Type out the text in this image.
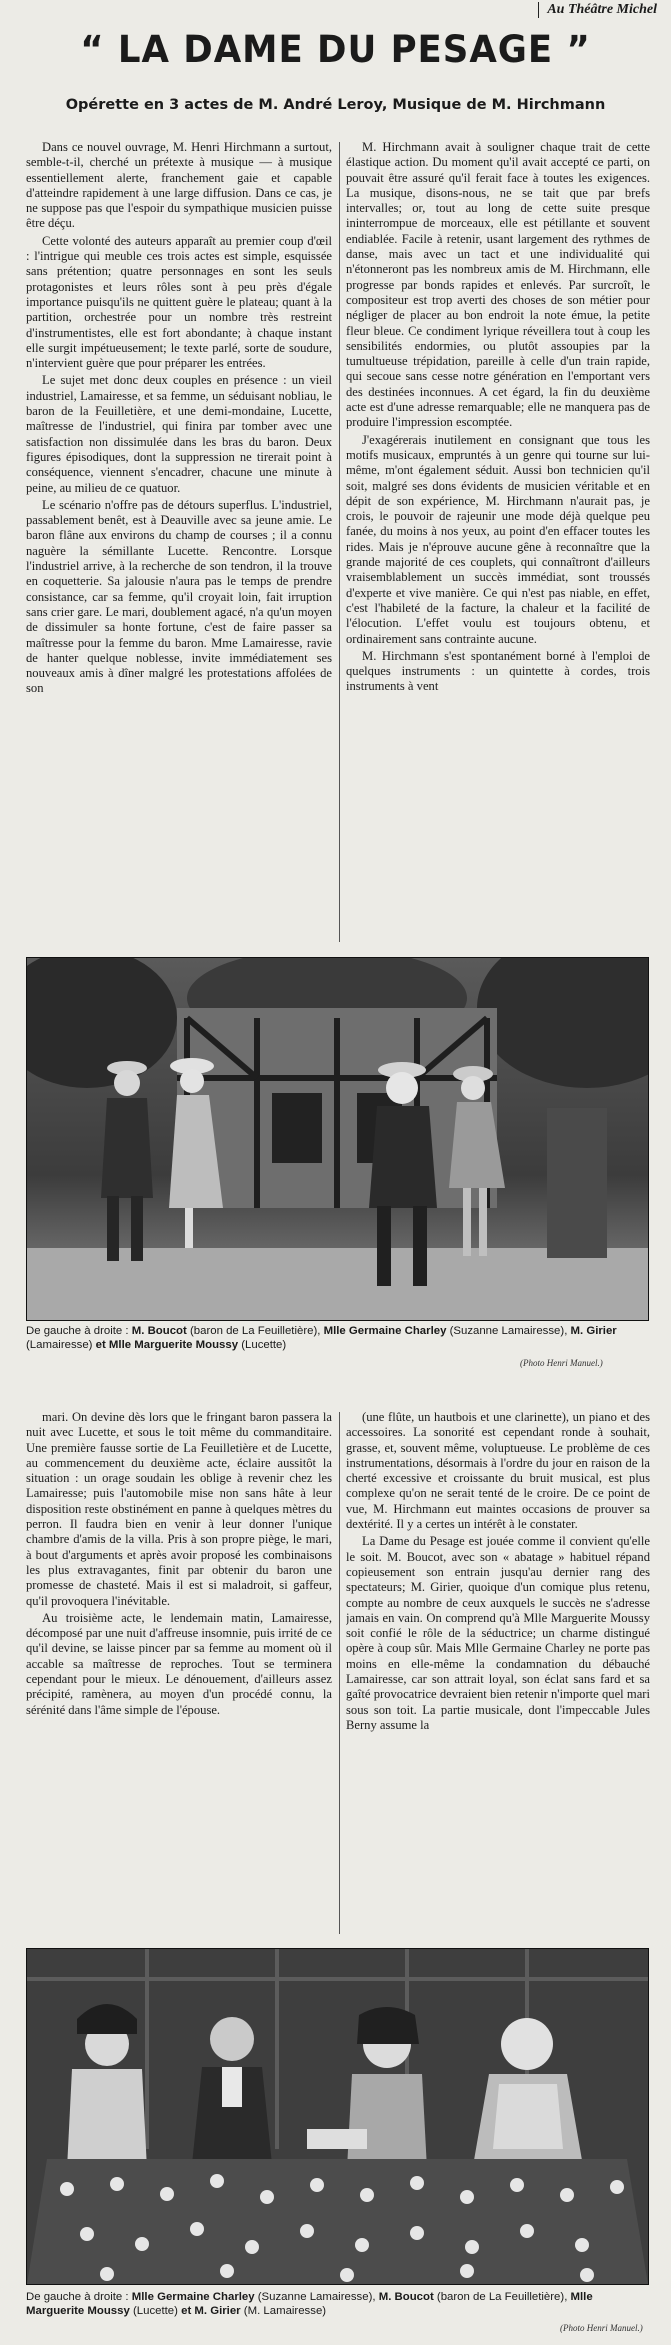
Au Théâtre Michel
“ LA DAME DU PESAGE ”
Opérette en 3 actes de M. André Leroy, Musique de M. Hirchmann

Dans ce nouvel ouvrage, M. Henri Hirchmann a surtout, semble-t-il, cherché un prétexte à musique — à musique essentiellement alerte, franchement gaie et capable d'atteindre rapidement à une large diffusion. Dans ce cas, je ne suppose pas que l'espoir du sympathique musicien puisse être déçu.

Cette volonté des auteurs apparaît au premier coup d'œil : l'intrigue qui meuble ces trois actes est simple, esquissée sans prétention; quatre personnages en sont les seuls protagonistes et leurs rôles sont à peu près d'égale importance puisqu'ils ne quittent guère le plateau; quant à la partition, orchestrée pour un nombre très restreint d'instrumentistes, elle est fort abondante; à chaque instant elle surgit impétueusement; le texte parlé, sorte de soudure, n'intervient guère que pour préparer les entrées.

Le sujet met donc deux couples en présence : un vieil industriel, Lamairesse, et sa femme, un séduisant nobliau, le baron de la Feuilletière, et une demi-mondaine, Lucette, maîtresse de l'industriel, qui finira par tomber avec une satisfaction non dissimulée dans les bras du baron. Deux figures épisodiques, dont la suppression ne tirerait point à conséquence, viennent s'encadrer, chacune une minute à peine, au milieu de ce quatuor.

Le scénario n'offre pas de détours superflus. L'industriel, passablement benêt, est à Deauville avec sa jeune amie. Le baron flâne aux environs du champ de courses ; il a connu naguère la sémillante Lucette. Rencontre. Lorsque l'industriel arrive, à la recherche de son tendron, il la trouve en coquetterie. Sa jalousie n'aura pas le temps de prendre consistance, car sa femme, qu'il croyait loin, fait irruption sans crier gare. Le mari, doublement agacé, n'a qu'un moyen de dissimuler sa honte fortune, c'est de faire passer sa maîtresse pour la femme du baron. Mme Lamairesse, ravie de hanter quelque noblesse, invite immédiatement ses nouveaux amis à dîner malgré les protestations affolées de son

M. Hirchmann avait à souligner chaque trait de cette élastique action. Du moment qu'il avait accepté ce parti, on pouvait être assuré qu'il ferait face à toutes les exigences. La musique, disons-nous, ne se tait que par brefs intervalles; or, tout au long de cette suite presque ininterrompue de morceaux, elle est pétillante et souvent endiablée. Facile à retenir, usant largement des rythmes de danse, mais avec un tact et une individualité qui n'étonneront pas les nombreux amis de M. Hirchmann, elle progresse par bonds rapides et enlevés. Par surcroît, le compositeur est trop averti des choses de son métier pour négliger de placer au bon endroit la note émue, la petite fleur bleue. Ce condiment lyrique réveillera tout à coup les sensibilités endormies, ou plutôt assoupies par la tumultueuse trépidation, pareille à celle d'un train rapide, qui secoue sans cesse notre génération en l'emportant vers des destinées inconnues. A cet égard, la fin du deuxième acte est d'une adresse remarquable; elle ne manquera pas de produire l'impression escomptée.

J'exagérerais inutilement en consignant que tous les motifs musicaux, empruntés à un genre qui tourne sur lui-même, m'ont également séduit. Aussi bon technicien qu'il soit, malgré ses dons évidents de musicien véritable et en dépit de son expérience, M. Hirchmann n'aurait pas, je crois, le pouvoir de rajeunir une mode déjà quelque peu fanée, du moins à nos yeux, au point d'en effacer toutes les rides. Mais je n'éprouve aucune gêne à reconnaître que la grande majorité de ces couplets, qui connaîtront d'ailleurs vraisemblablement un succès immédiat, sont troussés d'experte et vive manière. Ce qui n'est pas niable, en effet, c'est l'habileté de la facture, la chaleur et la facilité de l'élocution. L'effet voulu est toujours obtenu, et ordinairement sans contrainte aucune.

M. Hirchmann s'est spontanément borné à l'emploi de quelques instruments : un quintette à cordes, trois instruments à vent

De gauche à droite : M. Boucot (baron de La Feuilletière), Mlle Germaine Charley (Suzanne Lamairesse), M. Girier (Lamairesse) et Mlle Marguerite Moussy (Lucette)
(Photo Henri Manuel.)

mari. On devine dès lors que le fringant baron passera la nuit avec Lucette, et sous le toit même du commanditaire. Une première fausse sortie de La Feuilletière et de Lucette, au commencement du deuxième acte, éclaire aussitôt la situation : un orage soudain les oblige à revenir chez les Lamairesse; puis l'automobile mise non sans hâte à leur disposition reste obstinément en panne à quelques mètres du perron. Il faudra bien en venir à leur donner l'unique chambre d'amis de la villa. Pris à son propre piège, le mari, à bout d'arguments et après avoir proposé les combinaisons les plus extravagantes, finit par obtenir du baron une promesse de chasteté. Mais il est si maladroit, si gaffeur, qu'il provoquera l'inévitable.

Au troisième acte, le lendemain matin, Lamairesse, décomposé par une nuit d'affreuse insomnie, puis irrité de ce qu'il devine, se laisse pincer par sa femme au moment où il accable sa maîtresse de reproches. Tout se terminera cependant pour le mieux. Le dénouement, d'ailleurs assez précipité, ramènera, au moyen d'un procédé connu, la sérénité dans l'âme simple de l'épouse.

(une flûte, un hautbois et une clarinette), un piano et des accessoires. La sonorité est cependant ronde à souhait, grasse, et, souvent même, voluptueuse. Le problème de ces instrumentations, désormais à l'ordre du jour en raison de la cherté excessive et croissante du bruit musical, est plus complexe qu'on ne serait tenté de le croire. De ce point de vue, M. Hirchmann eut maintes occasions de prouver sa dextérité. Il y a certes un intérêt à le constater.

La Dame du Pesage est jouée comme il convient qu'elle le soit. M. Boucot, avec son « abatage » habituel répand copieusement son entrain jusqu'au dernier rang des spectateurs; M. Girier, quoique d'un comique plus retenu, compte au nombre de ceux auxquels le succès ne s'adresse jamais en vain. On comprend qu'à Mlle Marguerite Moussy soit confié le rôle de la séductrice; un charme distingué opère à coup sûr. Mais Mlle Germaine Charley ne porte pas moins en elle-même la condamnation du débauché Lamairesse, car son attrait loyal, son éclat sans fard et sa gaîté provocatrice devraient bien retenir n'importe quel mari sous son toit. La partie musicale, dont l'impeccable Jules Berny assume la

De gauche à droite : Mlle Germaine Charley (Suzanne Lamairesse), M. Boucot (baron de La Feuilletière), Mlle Marguerite Moussy (Lucette) et M. Girier (M. Lamairesse)
(Photo Henri Manuel.)
